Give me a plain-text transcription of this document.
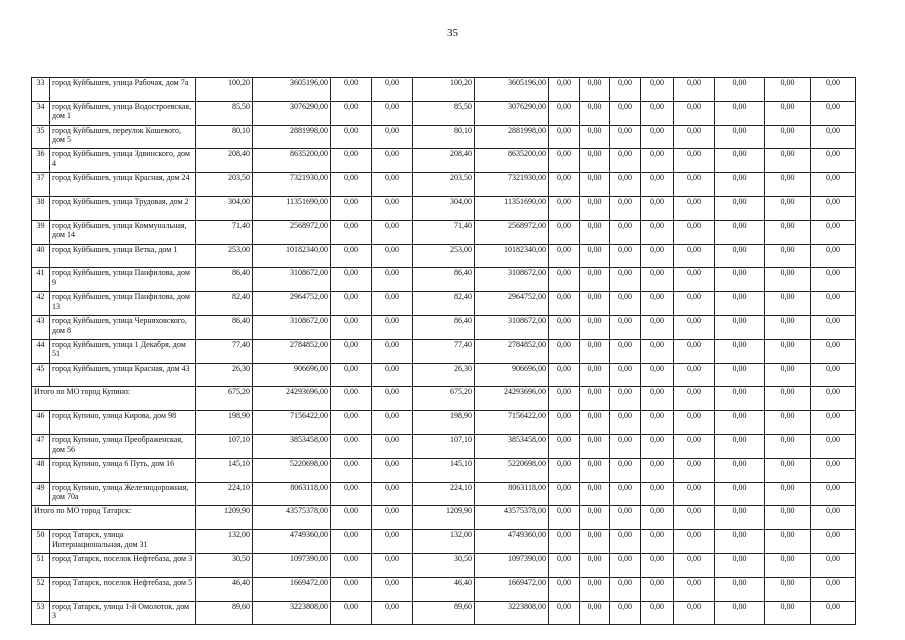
35
33	город Куйбышев, улица Рабочая, дом 7а	100,20	3605196,00	0,00	0,00	100,20	3605196,00	0,00	0,00	0,00	0,00	0,00	0,00	0,00	0,00
34	город Куйбышев, улица Водостроевская, дом 1	85,50	3076290,00	0,00	0,00	85,50	3076290,00	0,00	0,00	0,00	0,00	0,00	0,00	0,00	0,00
35	город Куйбышев, переулок Кошевого, дом 5	80,10	2881998,00	0,00	0,00	80,10	2881998,00	0,00	0,00	0,00	0,00	0,00	0,00	0,00	0,00
36	город Куйбышев, улица Здвинского, дом 4	208,40	8635200,00	0,00	0,00	208,40	8635200,00	0,00	0,00	0,00	0,00	0,00	0,00	0,00	0,00
37	город Куйбышев, улица Красная, дом 24	203,50	7321930,00	0,00	0,00	203,50	7321930,00	0,00	0,00	0,00	0,00	0,00	0,00	0,00	0,00
38	город Куйбышев, улица Трудовая, дом 2	304,00	11351690,00	0,00	0,00	304,00	11351690,00	0,00	0,00	0,00	0,00	0,00	0,00	0,00	0,00
39	город Куйбышев, улица Коммунальная, дом 14	71,40	2568972,00	0,00	0,00	71,40	2568972,00	0,00	0,00	0,00	0,00	0,00	0,00	0,00	0,00
40	город Куйбышев, улица Ветка, дом 1	253,00	10182340,00	0,00	0,00	253,00	10182340,00	0,00	0,00	0,00	0,00	0,00	0,00	0,00	0,00
41	город Куйбышев, улица Панфилова, дом 9	86,40	3108672,00	0,00	0,00	86,40	3108672,00	0,00	0,00	0,00	0,00	0,00	0,00	0,00	0,00
42	город Куйбышев, улица Панфилова, дом 13	82,40	2964752,00	0,00	0,00	82,40	2964752,00	0,00	0,00	0,00	0,00	0,00	0,00	0,00	0,00
43	город Куйбышев, улица Черняховского, дом 8	86,40	3108672,00	0,00	0,00	86,40	3108672,00	0,00	0,00	0,00	0,00	0,00	0,00	0,00	0,00
44	город Куйбышев, улица 1 Декабря, дом 51	77,40	2784852,00	0,00	0,00	77,40	2784852,00	0,00	0,00	0,00	0,00	0,00	0,00	0,00	0,00
45	город Куйбышев, улица Красная, дом 43	26,30	906696,00	0,00	0,00	26,30	906696,00	0,00	0,00	0,00	0,00	0,00	0,00	0,00	0,00
Итого по МО город Купино:		675,20	24293696,00	0,00	0,00	675,20	24293696,00	0,00	0,00	0,00	0,00	0,00	0,00	0,00	0,00
46	город Купино, улица Кирова, дом 98	198,90	7156422,00	0,00	0,00	198,90	7156422,00	0,00	0,00	0,00	0,00	0,00	0,00	0,00	0,00
47	город Купино, улица Преображенская, дом 56	107,10	3853458,00	0,00	0,00	107,10	3853458,00	0,00	0,00	0,00	0,00	0,00	0,00	0,00	0,00
48	город Купино, улица 6 Путь, дом 16	145,10	5220698,00	0,00	0,00	145,10	5220698,00	0,00	0,00	0,00	0,00	0,00	0,00	0,00	0,00
49	город Купино, улица Железнодорожная, дом 70а	224,10	8063118,00	0,00	0,00	224,10	8063118,00	0,00	0,00	0,00	0,00	0,00	0,00	0,00	0,00
Итого по МО город Татарск:		1209,90	43575378,00	0,00	0,00	1209,90	43575378,00	0,00	0,00	0,00	0,00	0,00	0,00	0,00	0,00
50	город Татарск, улица Интернациональная, дом 31	132,00	4749360,00	0,00	0,00	132,00	4749360,00	0,00	0,00	0,00	0,00	0,00	0,00	0,00	0,00
51	город Татарск, поселок Нефтебаза, дом 3	30,50	1097390,00	0,00	0,00	30,50	1097390,00	0,00	0,00	0,00	0,00	0,00	0,00	0,00	0,00
52	город Татарск, поселок Нефтебаза, дом 5	46,40	1669472,00	0,00	0,00	46,40	1669472,00	0,00	0,00	0,00	0,00	0,00	0,00	0,00	0,00
53	город Татарск, улица 1-й Омолоток, дом 3	89,60	3223808,00	0,00	0,00	89,60	3223808,00	0,00	0,00	0,00	0,00	0,00	0,00	0,00	0,00
